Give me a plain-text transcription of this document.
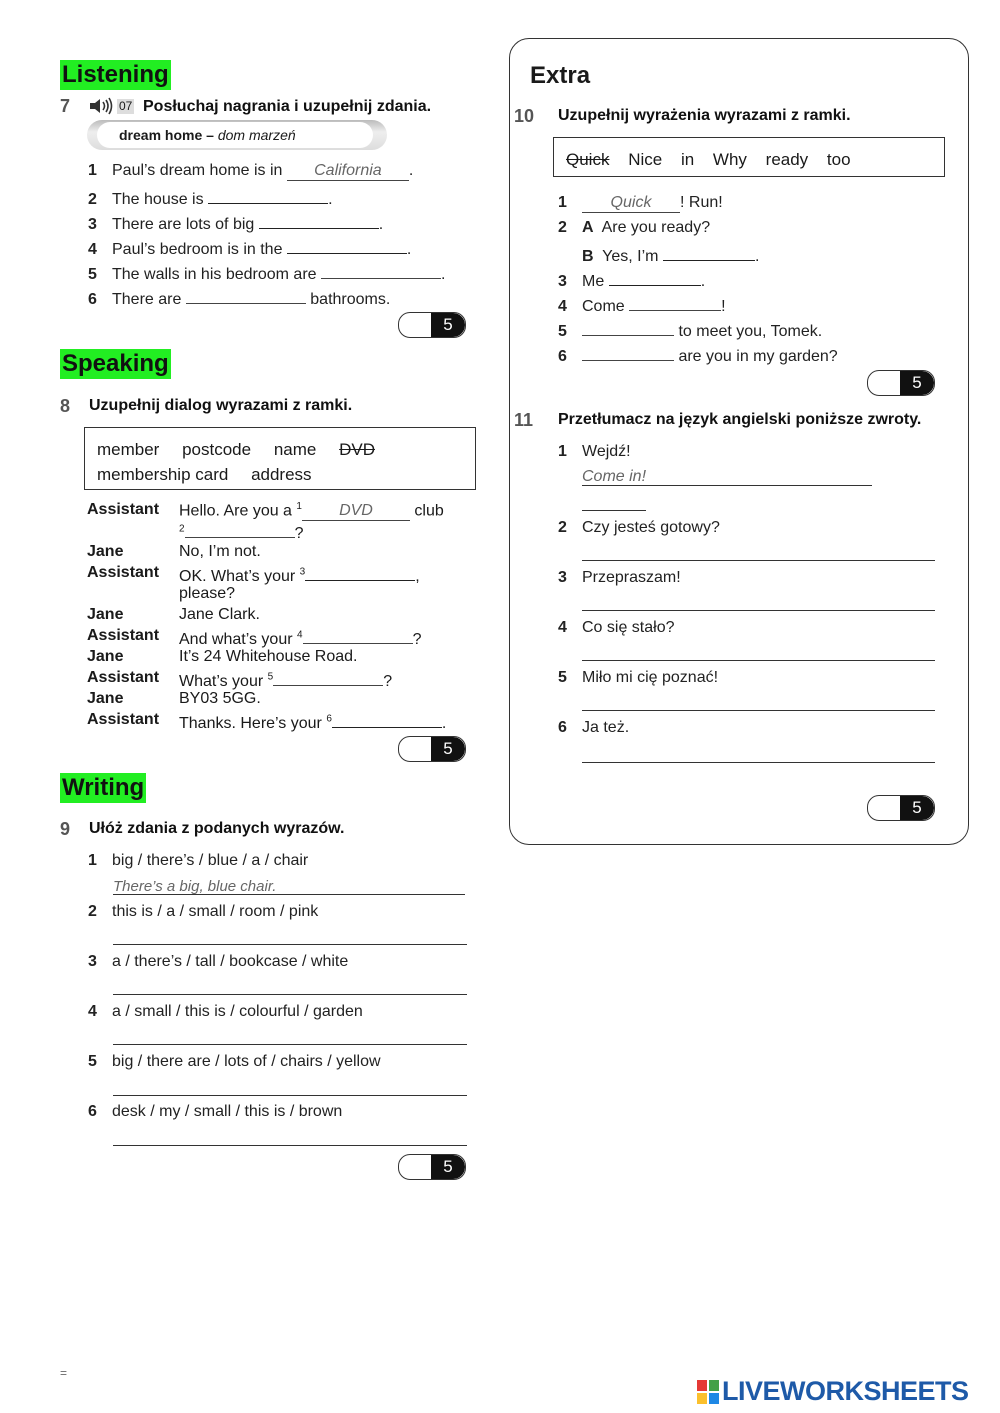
Listening
7	07 Posłuchaj nagrania i uzupełnij zdania.
dream home – dom marzeń
1 Paul’s dream home is in California .
2 The house is	.
3 There are lots of big	.
4 Paul’s bedroom is in the	.
5 The walls in his bedroom are	.
6 There are	bathrooms.
5
Speaking
8 Uzupełnij dialog wyrazami z ramki.
member postcode name DVD
membership card address
Assistant Hello. Are you a $^1$ DVD	club
$^2$	?
Jane	No, I’m not.
Assistant OK. What’s your $^3$	,
please?
Jane	Jane Clark.
Assistant And what’s your $^4$	?
Jane	It’s 24 Whitehouse Road.
Assistant What’s your $^5$	?
Jane	BY03 5GG.
Assistant Thanks. Here’s your $^6$	.
5
Writing
9 Ułóż zdania z podanych wyrazów.
1 big / there’s / blue / a / chair
There’s a big, blue chair.
2 this is / a / small / room / pink
3 a / there’s / tall / bookcase / white
4 a / small / this is / colourful / garden
5 big / there are / lots of / chairs / yellow
6 desk / my / small / this is / brown
5
Extra
10 Uzupełnij wyrażenia wyrazami z ramki.
Quick Nice in Why ready too
1	Quick ! Run!
2 A Are you ready?
B Yes, I’m	.
3 Me	.
4 Come	!
5	to meet you, Tomek.
6	are you in my garden?
5
11 Przetłumacz na język angielski poniższe zwroty.
1 Wejdź!
Come in!
2 Czy jesteś gotowy?
3 Przepraszam!
4 Co się stało?
5 Miło mi cię poznać!
6 Ja też.
5
=
LIVEWORKSHEETS
